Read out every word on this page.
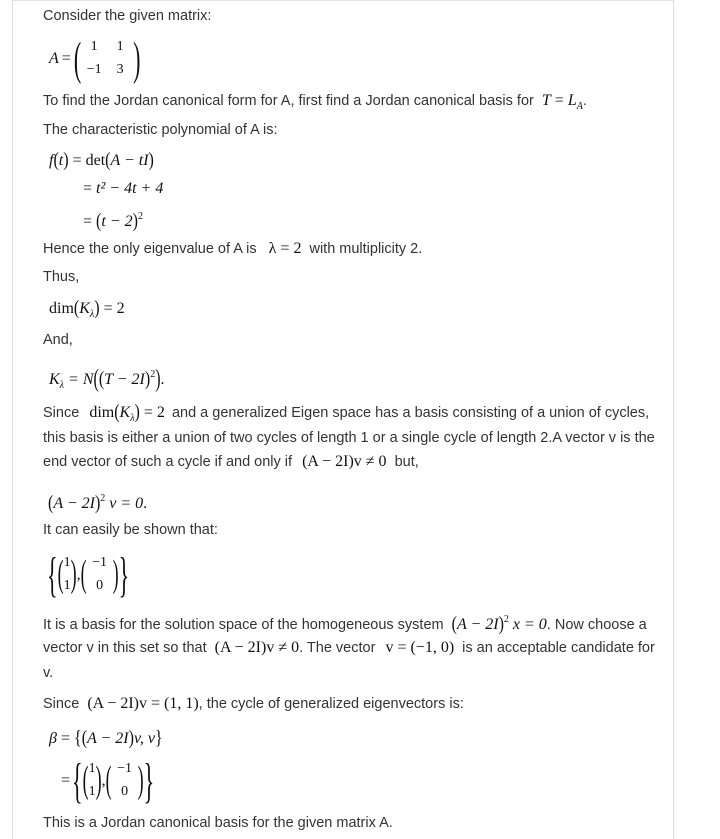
Consider the given matrix:
A = ( 1	1
−1	3 )
To find the Jordan canonical form for A, first find a Jordan canonical basis for $T = L_A$.
The characteristic polynomial of A is:
f(t) = det(A − tI)
= t² − 4t + 4
= $(t - 2)^2$
Hence the only eigenvalue of A is λ = 2 with multiplicity 2.
Thus,
$dim(K_\lambda) = 2$
And,
$K_\lambda = N((T - 2I)^2)$.
Since $dim(K_\lambda) = 2$ and a generalized Eigen space has a basis consisting of a union of cycles,
this basis is either a union of two cycles of length 1 or a single cycle of length 2.A vector v is the
end vector of such a cycle if and only if (A − 2I)v ≠ 0 but,
$(A - 2I)^2$ v = 0.
It can easily be shown that:
{ ( 1
1 ) , ( −1
0 ) }
It is a basis for the solution space of the homogeneous system $(A - 2I)^2$ x = 0. Now choose a
vector v in this set so that (A − 2I)v ≠ 0. The vector v = (−1, 0) is an acceptable candidate for
v.
Since (A − 2I)v = (1, 1), the cycle of generalized eigenvectors is:
β = {(A − 2I)v, v}
= { ( 1
1 ) , ( −1
0 ) }
This is a Jordan canonical basis for the given matrix A.
